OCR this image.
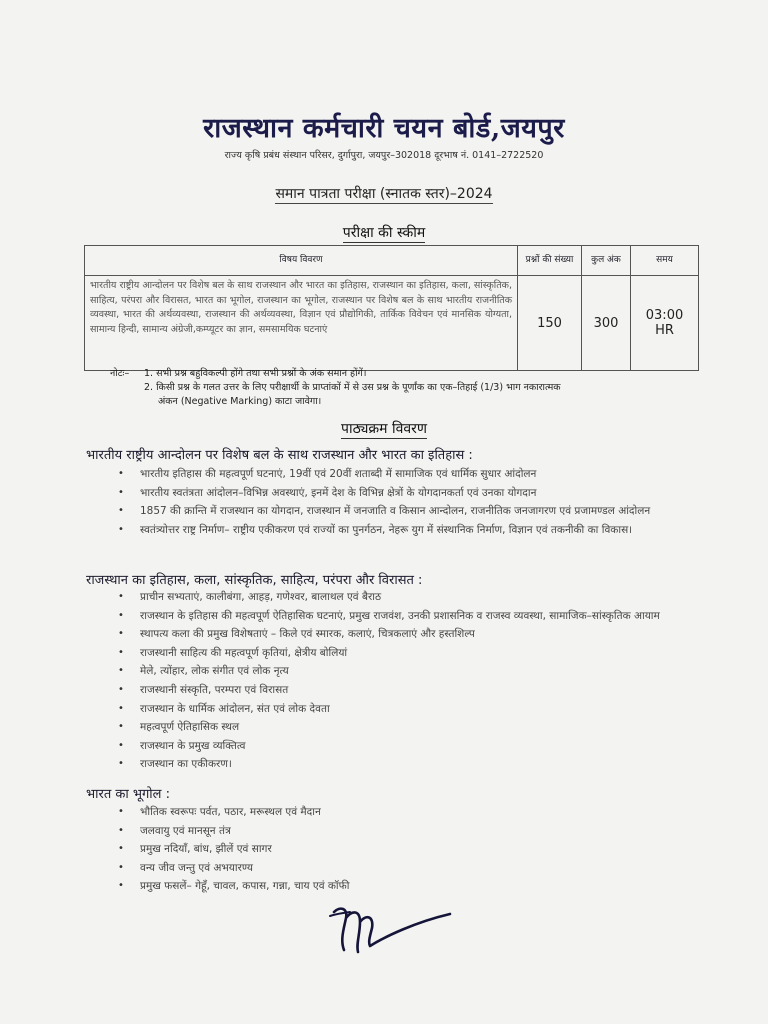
राजस्थान कर्मचारी चयन बोर्ड,जयपुर
राज्य कृषि प्रबंध संस्थान परिसर, दुर्गापुरा, जयपुर–302018 दूरभाष नं. 0141–2722520
समान पात्रता परीक्षा (स्नातक स्तर)–2024
परीक्षा की स्कीम
विषय विवरण	प्रश्नों की संख्या	कुल अंक	समय
भारतीय राष्ट्रीय आन्दोलन पर विशेष बल के साथ राजस्थान और भारत का इतिहास, राजस्थान का इतिहास, कला, सांस्कृतिक, साहित्य, परंपरा और विरासत, भारत का भूगोल, राजस्थान का भूगोल, राजस्थान पर विशेष बल के साथ भारतीय राजनीतिक व्यवस्था, भारत की अर्थव्यवस्था, राजस्थान की अर्थव्यवस्था, विज्ञान एवं प्रौद्योगिकी, तार्किक विवेचन एवं मानसिक योग्यता, सामान्य हिन्दी, सामान्य अंग्रेजी,कम्प्यूटर का ज्ञान, समसामयिक घटनाएं	150	300	03:00 HR
नोटः–	1. सभी प्रश्न बहुविकल्पी होंगे तथा सभी प्रश्नों के अंक समान होंगें।
2. किसी प्रश्न के गलत उत्तर के लिए परीक्षार्थी के प्राप्तांकों में से उस प्रश्न के पूर्णांक का एक–तिहाई (1/3) भाग नकारात्मक
अंकन (Negative Marking) काटा जावेगा।
पाठ्यक्रम विवरण
भारतीय राष्ट्रीय आन्दोलन पर विशेष बल के साथ राजस्थान और भारत का इतिहास :
• भारतीय इतिहास की महत्वपूर्ण घटनाएं, 19वीं एवं 20वीं शताब्दी में सामाजिक एवं धार्मिक सुधार आंदोलन
• भारतीय स्वतंत्रता आंदोलन–विभिन्न अवस्थाएं, इनमें देश के विभिन्न क्षेत्रों के योगदानकर्ता एवं उनका योगदान
• 1857 की क्रान्ति में राजस्थान का योगदान, राजस्थान में जनजाति व किसान आन्दोलन, राजनीतिक जनजागरण एवं प्रजामण्डल आंदोलन
• स्वतंत्र्योत्तर राष्ट्र निर्माण– राष्ट्रीय एकीकरण एवं राज्यों का पुनर्गठन, नेहरू युग में संस्थानिक निर्माण, विज्ञान एवं तकनीकी का विकास।
राजस्थान का इतिहास, कला, सांस्कृतिक, साहित्य, परंपरा और विरासत :
• प्राचीन सभ्यताएं, कालीबंगा, आहड़, गणेश्वर, बालाथल एवं बैराठ
• राजस्थान के इतिहास की महत्वपूर्ण ऐतिहासिक घटनाएं, प्रमुख राजवंश, उनकी प्रशासनिक व राजस्व व्यवस्था, सामाजिक–सांस्कृतिक आयाम
• स्थापत्य कला की प्रमुख विशेषताएं – किले एवं स्मारक, कलाएं, चित्रकलाएं और हस्तशिल्प
• राजस्थानी साहित्य की महत्वपूर्ण कृतियां, क्षेत्रीय बोलियां
• मेले, त्योंहार, लोक संगीत एवं लोक नृत्य
• राजस्थानी संस्कृति, परम्परा एवं विरासत
• राजस्थान के धार्मिक आंदोलन, संत एवं लोक देवता
• महत्वपूर्ण ऐतिहासिक स्थल
• राजस्थान के प्रमुख व्यक्तित्व
• राजस्थान का एकीकरण।
भारत का भूगोल :
• भौतिक स्वरूपः पर्वत, पठार, मरूस्थल एवं मैदान
• जलवायु एवं मानसून तंत्र
• प्रमुख नदियाँ, बांध, झीलें एवं सागर
• वन्य जीव जन्तु एवं अभयारण्य
• प्रमुख फसलें– गेहूँ, चावल, कपास, गन्ना, चाय एवं कॉफी
